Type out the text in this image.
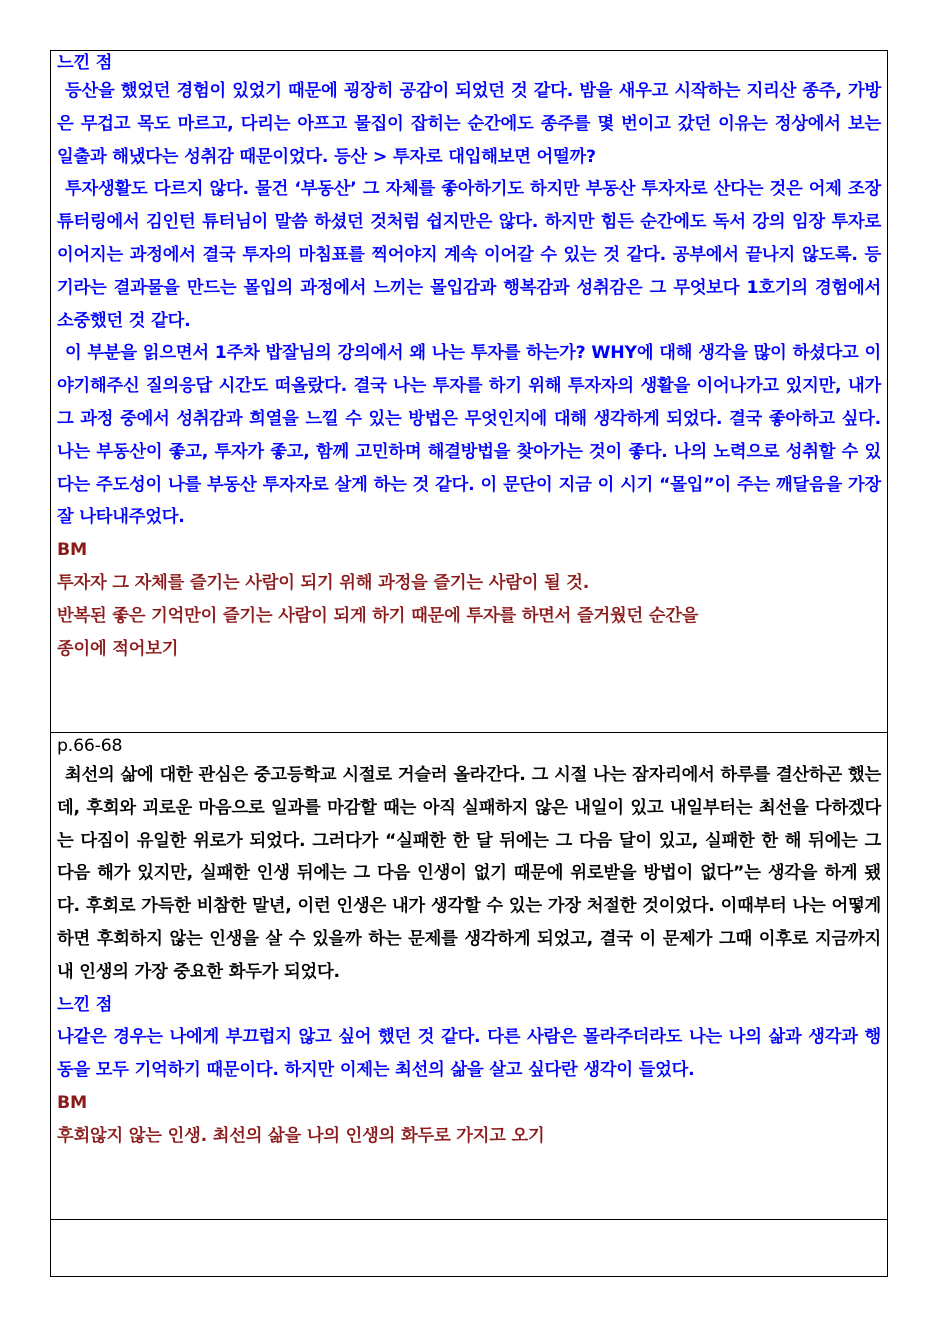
느낀 점

등산을 했었던 경험이 있었기 때문에 굉장히 공감이 되었던 것 같다. 밤을 새우고 시작하는 지리산 종주, 가방은 무겁고 목도 마르고, 다리는 아프고 물집이 잡히는 순간에도 종주를 몇 번이고 갔던 이유는 정상에서 보는 일출과 해냈다는 성취감 때문이었다. 등산 > 투자로 대입해보면 어떨까?

투자생활도 다르지 않다. 물건 ‘부동산’ 그 자체를 좋아하기도 하지만 부동산 투자자로 산다는 것은 어제 조장튜터링에서 김인턴 튜터님이 말씀 하셨던 것처럼 쉽지만은 않다. 하지만 힘든 순간에도 독서 강의 임장 투자로 이어지는 과정에서 결국 투자의 마침표를 찍어야지 계속 이어갈 수 있는 것 같다. 공부에서 끝나지 않도록. 등기라는 결과물을 만드는 몰입의 과정에서 느끼는 몰입감과 행복감과 성취감은 그 무엇보다 1호기의 경험에서 소중했던 것 같다.

이 부분을 읽으면서 1주차 밥잘님의 강의에서 왜 나는 투자를 하는가? WHY에 대해 생각을 많이 하셨다고 이야기해주신 질의응답 시간도 떠올랐다. 결국 나는 투자를 하기 위해 투자자의 생활을 이어나가고 있지만, 내가 그 과정 중에서 성취감과 희열을 느낄 수 있는 방법은 무엇인지에 대해 생각하게 되었다. 결국 좋아하고 싶다. 나는 부동산이 좋고, 투자가 좋고, 함께 고민하며 해결방법을 찾아가는 것이 좋다. 나의 노력으로 성취할 수 있다는 주도성이 나를 부동산 투자자로 살게 하는 것 같다. 이 문단이 지금 이 시기 “몰입”이 주는 깨달음을 가장 잘 나타내주었다.

BM

투자자 그 자체를 즐기는 사람이 되기 위해 과정을 즐기는 사람이 될 것.

반복된 좋은 기억만이 즐기는 사람이 되게 하기 때문에 투자를 하면서 즐거웠던 순간을

종이에 적어보기

p.66-68

최선의 삶에 대한 관심은 중고등학교 시절로 거슬러 올라간다. 그 시절 나는 잠자리에서 하루를 결산하곤 했는데, 후회와 괴로운 마음으로 일과를 마감할 때는 아직 실패하지 않은 내일이 있고 내일부터는 최선을 다하겠다는 다짐이 유일한 위로가 되었다. 그러다가 “실패한 한 달 뒤에는 그 다음 달이 있고, 실패한 한 해 뒤에는 그 다음 해가 있지만, 실패한 인생 뒤에는 그 다음 인생이 없기 때문에 위로받을 방법이 없다”는 생각을 하게 됐다. 후회로 가득한 비참한 말년, 이런 인생은 내가 생각할 수 있는 가장 처절한 것이었다. 이때부터 나는 어떻게 하면 후회하지 않는 인생을 살 수 있을까 하는 문제를 생각하게 되었고, 결국 이 문제가 그때 이후로 지금까지 내 인생의 가장 중요한 화두가 되었다.

느낀 점

나같은 경우는 나에게 부끄럽지 않고 싶어 했던 것 같다. 다른 사람은 몰라주더라도 나는 나의 삶과 생각과 행동을 모두 기억하기 때문이다. 하지만 이제는 최선의 삶을 살고 싶다란 생각이 들었다.

BM

후회않지 않는 인생. 최선의 삶을 나의 인생의 화두로 가지고 오기
